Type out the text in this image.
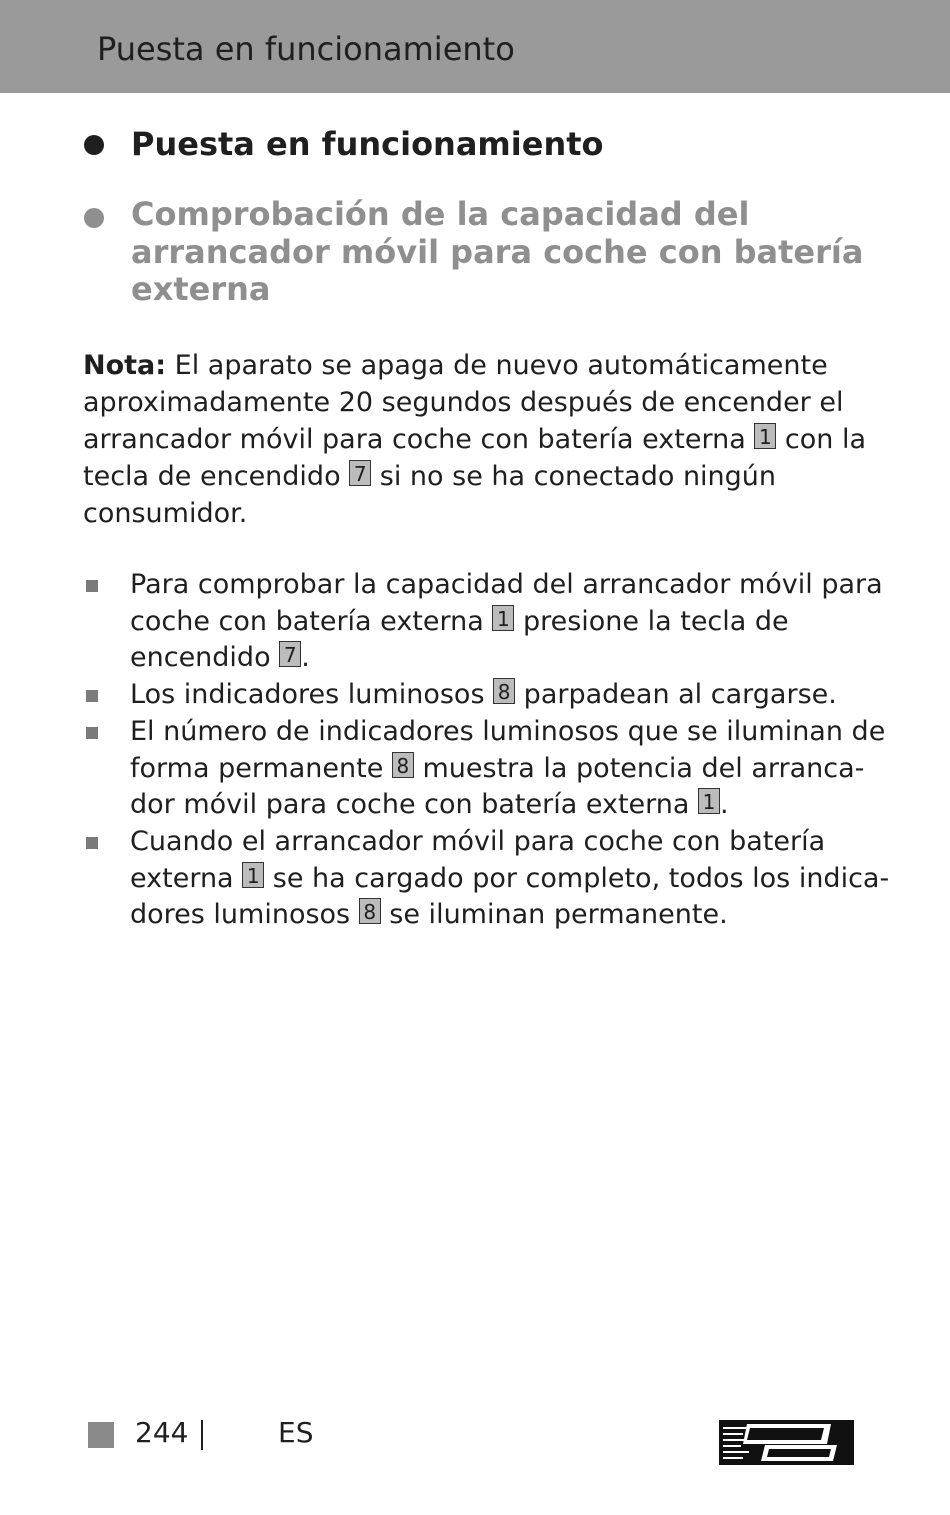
Puesta en funcionamiento
Puesta en funcionamiento
Comprobación de la capacidad del arrancador móvil para coche con batería externa
Nota: El aparato se apaga de nuevo automáticamente aproximadamente 20 segundos después de encender el arrancador móvil para coche con batería externa 1 con la tecla de encendido 7 si no se ha conectado ningún consumidor.
Para comprobar la capacidad del arrancador móvil para coche con batería externa 1 presione la tecla de encendido 7 .
Los indicadores luminosos 8 parpadean al cargarse.
El número de indicadores luminosos que se iluminan de forma permanente 8 muestra la potencia del arranca-dor móvil para coche con batería externa 1 .
Cuando el arrancador móvil para coche con batería externa 1 se ha cargado por completo, todos los indica-dores luminosos 8 se iluminan permanente.
244	ES
